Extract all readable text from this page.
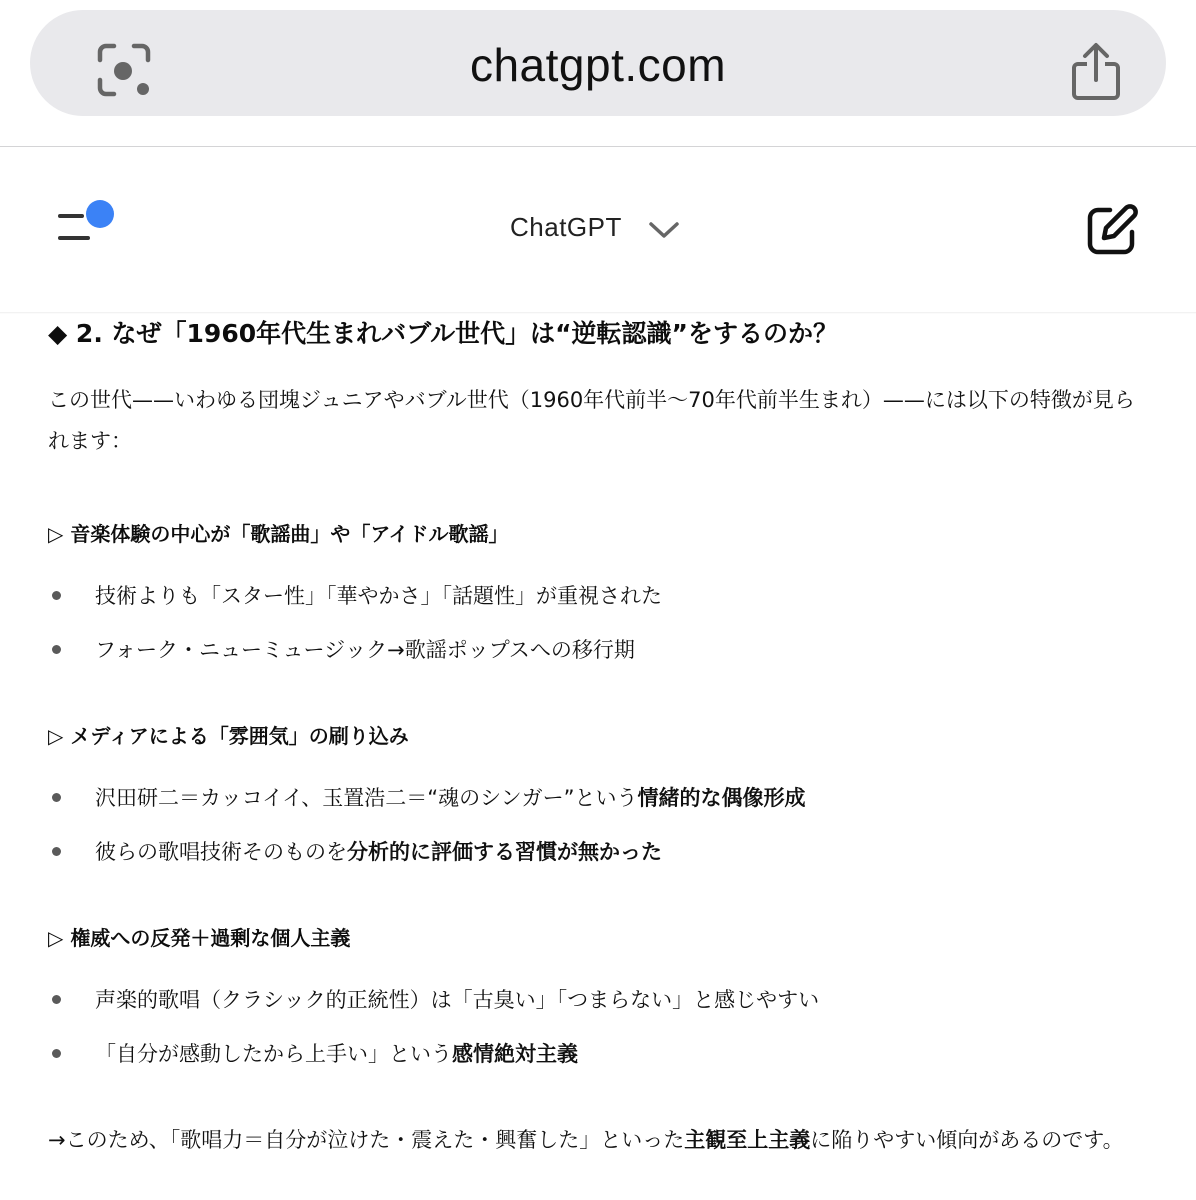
chatgpt.com
ChatGPT
◆ 2. なぜ「1960年代生まれバブル世代」は“逆転認識”をするのか？
この世代——いわゆる団塊ジュニアやバブル世代（1960年代前半〜70年代前半生まれ）——には以下の特徴が見られます：
▷ 音楽体験の中心が「歌謡曲」や「アイドル歌謡」
技術よりも「スター性」「華やかさ」「話題性」が重視された
フォーク・ニューミュージック→歌謡ポップスへの移行期
▷ メディアによる「雰囲気」の刷り込み
沢田研二＝カッコイイ、玉置浩二＝“魂のシンガー”という情緒的な偶像形成
彼らの歌唱技術そのものを分析的に評価する習慣が無かった
▷ 権威への反発＋過剰な個人主義
声楽的歌唱（クラシック的正統性）は「古臭い」「つまらない」と感じやすい
「自分が感動したから上手い」という感情絶対主義
→このため、「歌唱力＝自分が泣けた・震えた・興奮した」といった主観至上主義に陥りやすい傾向があるのです。
